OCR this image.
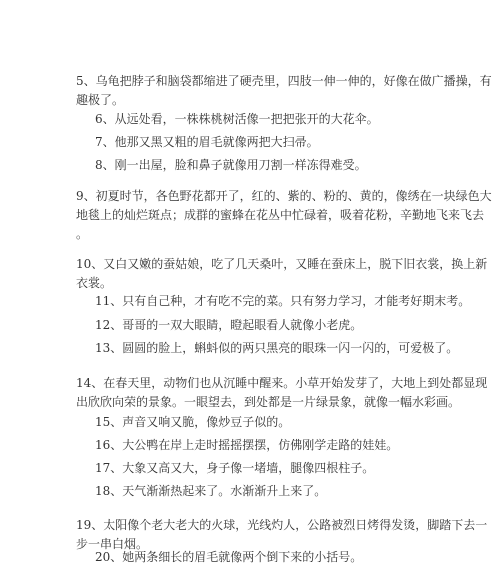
5、乌龟把脖子和脑袋都缩进了硬壳里，四肢一伸一伸的，好像在做广播操，有
趣极了。

6、从远处看，一株株桃树活像一把把张开的大花伞。

7、他那又黑又粗的眉毛就像两把大扫帚。

8、刚一出屋，脸和鼻子就像用刀割一样冻得难受。

9、初夏时节，各色野花都开了，红的、紫的、粉的、黄的，像绣在一块绿色大
地毯上的灿烂斑点；成群的蜜蜂在花丛中忙碌着，吸着花粉，辛勤地飞来飞去
。

10、又白又嫩的蚕姑娘，吃了几天桑叶，又睡在蚕床上，脱下旧衣裳，换上新
衣裳。

11、只有自己种，才有吃不完的菜。只有努力学习，才能考好期末考。

12、哥哥的一双大眼睛，瞪起眼看人就像小老虎。

13、圆圆的脸上，蝌蚪似的两只黑亮的眼珠一闪一闪的，可爱极了。

14、在春天里，动物们也从沉睡中醒来。小草开始发芽了，大地上到处都显现
出欣欣向荣的景象。一眼望去，到处都是一片绿景象，就像一幅水彩画。

15、声音又响又脆，像炒豆子似的。

16、大公鸭在岸上走时摇摇摆摆，仿佛刚学走路的娃娃。

17、大象又高又大，身子像一堵墙，腿像四根柱子。

18、天气渐渐热起来了。水渐渐升上来了。

19、太阳像个老大老大的火球，光线灼人，公路被烈日烤得发烫，脚踏下去一
步一串白烟。

20、她两条细长的眉毛就像两个倒下来的小括号。
